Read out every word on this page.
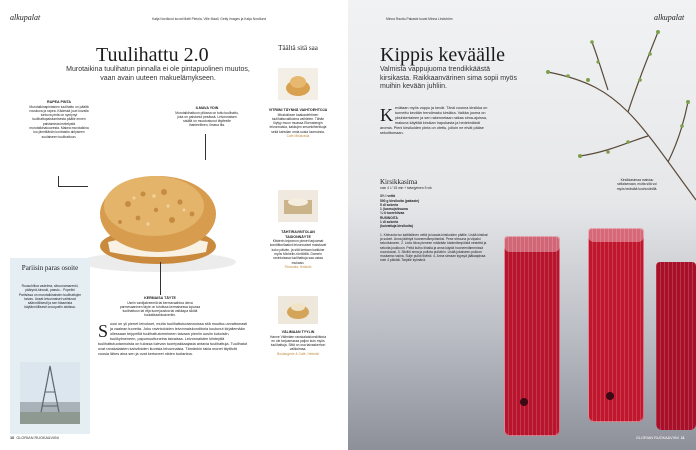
alkupalat	Katja Nordlund kuvat Matti Pietola, Ville Maali, Getty Images ja Katja Nordlund
Tuulihattu 2.0
Murotaikina tuulihatun pinnalla ei ole pintapuolinen muutos, vaan avain uuteen makuelämykseen.
RAPEA PINTA
Murotaikinapintainen tuulihattu on päältä rouskuva ja rapea. Kädessä juuri kovalla tuntuva pinta on syntynyt tuulihattupaistumisesta päälle ennen paistamista levitetystä murotaikinakuoresta. Makea murotaikina luo jännittävän kontrastin airlyiseen suolaiseen tuulihattuun.
ILMAVA YDIN
Murotaikihattuun piilossa on tuttu tuulihattu, joka on paistunut pesässä. Leivonnaisen sisällä on muodostunut täytteelle ihanteellinen, ilmava tila.
KERMAISA TÄYTE
Usein vaniljakreemiä tai kermavaahtoa oleva parmesaaninen täyte on tuhdissa kermaisessa lopussa tuulihattuun tai vilja tuorejuustoa tai vaikkapa sikiöä kuulakkaahkoaverkin.
Pariisin paras osoite
Ruusuhilloa vadelma, sitruunamarenki, päärynä-kinuski, passio... Popelini Pariisissa on murotaikinaisten tuulihattujen taivas. Useat leivonnaiset vaihtuvat säännöllisesti ja sen tilaamista käytännöllisesti crouquelin aistissa.
Suosi on yli pienet leivokset, mutta tuulihattutuotannoissa sitä muuttuu arvattomasti ja vaalean tuoreita. Joku ravintoloiden leivonnaiskonditoria kuulunut kirjailemään ollessaan teippeillä tuulihattutorneineen taivaan pieniin uusiin kokoisiin, tuulikylmeneen, papumuuttuneina taivaissa. Leivonnaisten kiinteyttä tuulihattutuotannoista on tulossa tulevan tuorepakkaajasta antavia tuulihattuja. Tuulihatut ovat ranskalaisten kahviloiden ikonisia leivonnaisia. Tämänkin takia monet täyttivät vuosia lähes aina sen ja ovat kertoneet niiden tuotantoa.
Täältä sitä saa
VITRIINI TÄYNNÄ VAIHTOEHTOJA
Mirakoiksen kaakaolehtinen tuulihattuvalikoima vaihtelee. Tähän löytyy muun muassa Ekenabergin leivonnaisia, kakkujen sesonkiherkkuja sekä kahvilan omia uusia luomuksia.
Cafe Mirakoisia
TÄHTIRAVINTOLAN TAIDONNÄYTE
Klisterin leipomon pienet tarjoamat kondiittorilaakot leivonnaiset maistuvat koko päivän, ja sitä kertaan kaikkine myös Michelin-rönttöillä. Domein ravintolassa tuulihattuja saa ostaa mukaan.
Finlandia, Helsinki
VÄLIMAAN TYYLIN
Hanne Välimäen ranskalaiskondiittoria en ole tarjoamassa paljon kuin myös tuulihattuja. Siitä on osa taivaskerhon valikoimaa.
Boulangerie & Café, Helsinki
10 GLORIAN RUOKA&VIINI
Minna Rautio-Pakaste kuvat Minna Lindström	alkupalat
Kippis keväälle
Valmista vappujuoma trendikkäästä kirsikasta. Raikkaanvärinen sima sopii myös muihin kevään juhliin.
Kevätaan myös vappu ja kevät. Tänä vuonna kirsikka on tunnettu kevään trendimaku kirsikka. Vaikka juoma on yksinkertainen ja sen rakennetaan raikas sima-ajoissa, makuna käyttää kirsikan hapokasta ja hedelmäistä aromia. Pieni kirsikoiden pinta on otettu, jolloin ne eivät pääse sekoittumaan.
Kirsikkasima
noin 4 l / 15 min + talvejyrinen 5 vrk
3½ l vettä
500 g kirsikoita (pakaste)
5 dl sokeria
1 (luomu)sitruuna
¼ tl tuorehiivaa
RUSINOITA
1 dl sokeria
(kuivattuja kirsikoita)
1. Kiehauta iso kattilallinen vettä ja kaada kirsikoiden päälle. Lisää kirsikat ja sokeri. Anna jäähtyä huoneenlämpöiseksi. Pese sitruuna ja viipaloi sekoitukseen. 2. Liota hiiva pieneen määrään kädenlämpöistä nestettä ja sekoita joukkoon. Peitä kulho liinalla ja anna käydä huoneenlämmössä vuorokausi. 3. Siivilöi sima ja pullota pulloihin. Lisää jokaiseen pulloon muutama rusina. Sulje pullot tiiviisti. 4. Anna simaan kypsyä jääkaapissa noin 4 päivää. Tarjoile kylmänä.
Kirsikkasimaa maistuu sellaisenaan, mutta sitä voi myös terästää kuohuviinillä.
GLORIAN RUOKA&VIINI 11
